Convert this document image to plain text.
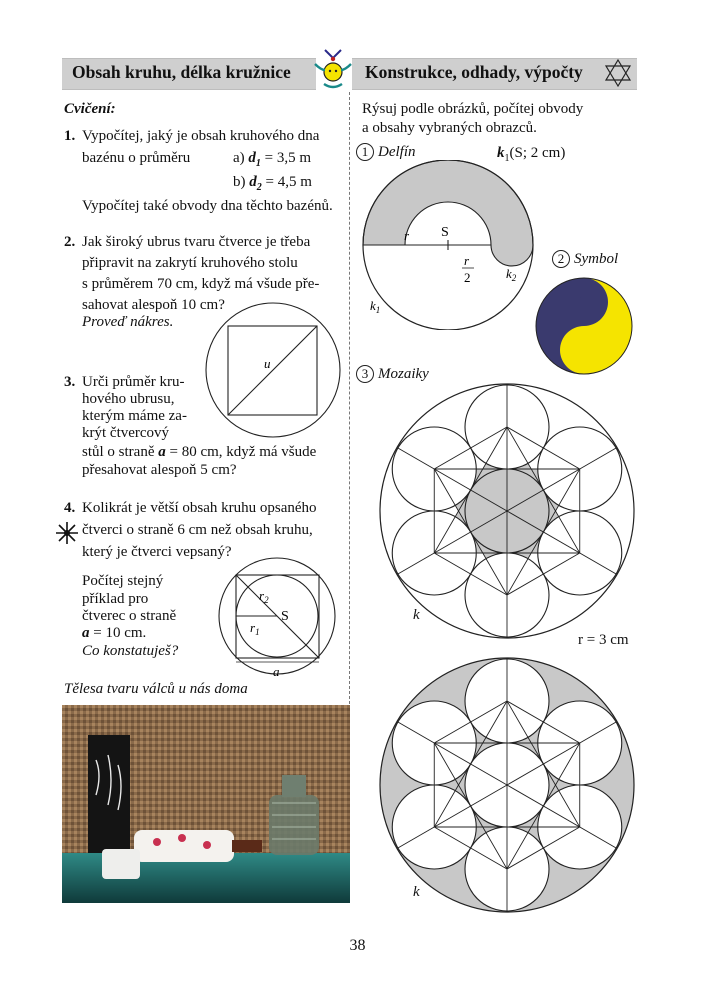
Obsah kruhu, délka kružnice	Konstrukce, odhady, výpočty
Cvičení:
1. Vypočítej, jaký je obsah kruhového dna
bazénu o průměru	a) $d_1 = 3,5$ m
b) $d_2 = 4,5$ m
Vypočítej také obvody dna těchto bazénů.
2. Jak široký ubrus tvaru čtverce je třeba
připravit na zakrytí kruhového stolu
s průměrem 70 cm, když má všude pře-
sahovat alespoň 10 cm?
Proveď nákres.
u
3. Urči průměr kru-
hového ubrusu,
kterým máme za-
krýt čtvercový
stůl o straně a = 80 cm, když má všude
přesahovat alespoň 5 cm?
4. Kolikrát je větší obsah kruhu opsaného
čtverci o straně 6 cm než obsah kruhu,
který je čtverci vepsaný?
Počítej stejný
příklad pro
čtverec o straně
a = 10 cm.
Co konstatuješ?
$r_2$
$r_1$
S
a
Tělesa tvaru válců u nás doma
Rýsuj podle obrázků, počítej obvody
a obsahy vybraných obrazců.
1 Delfín	$k_1(S$; 2 cm)
S
r
r
2	$k_2$
$k_1$
2 Symbol
3 Mozaiky
k
r = 3 cm
k
38
